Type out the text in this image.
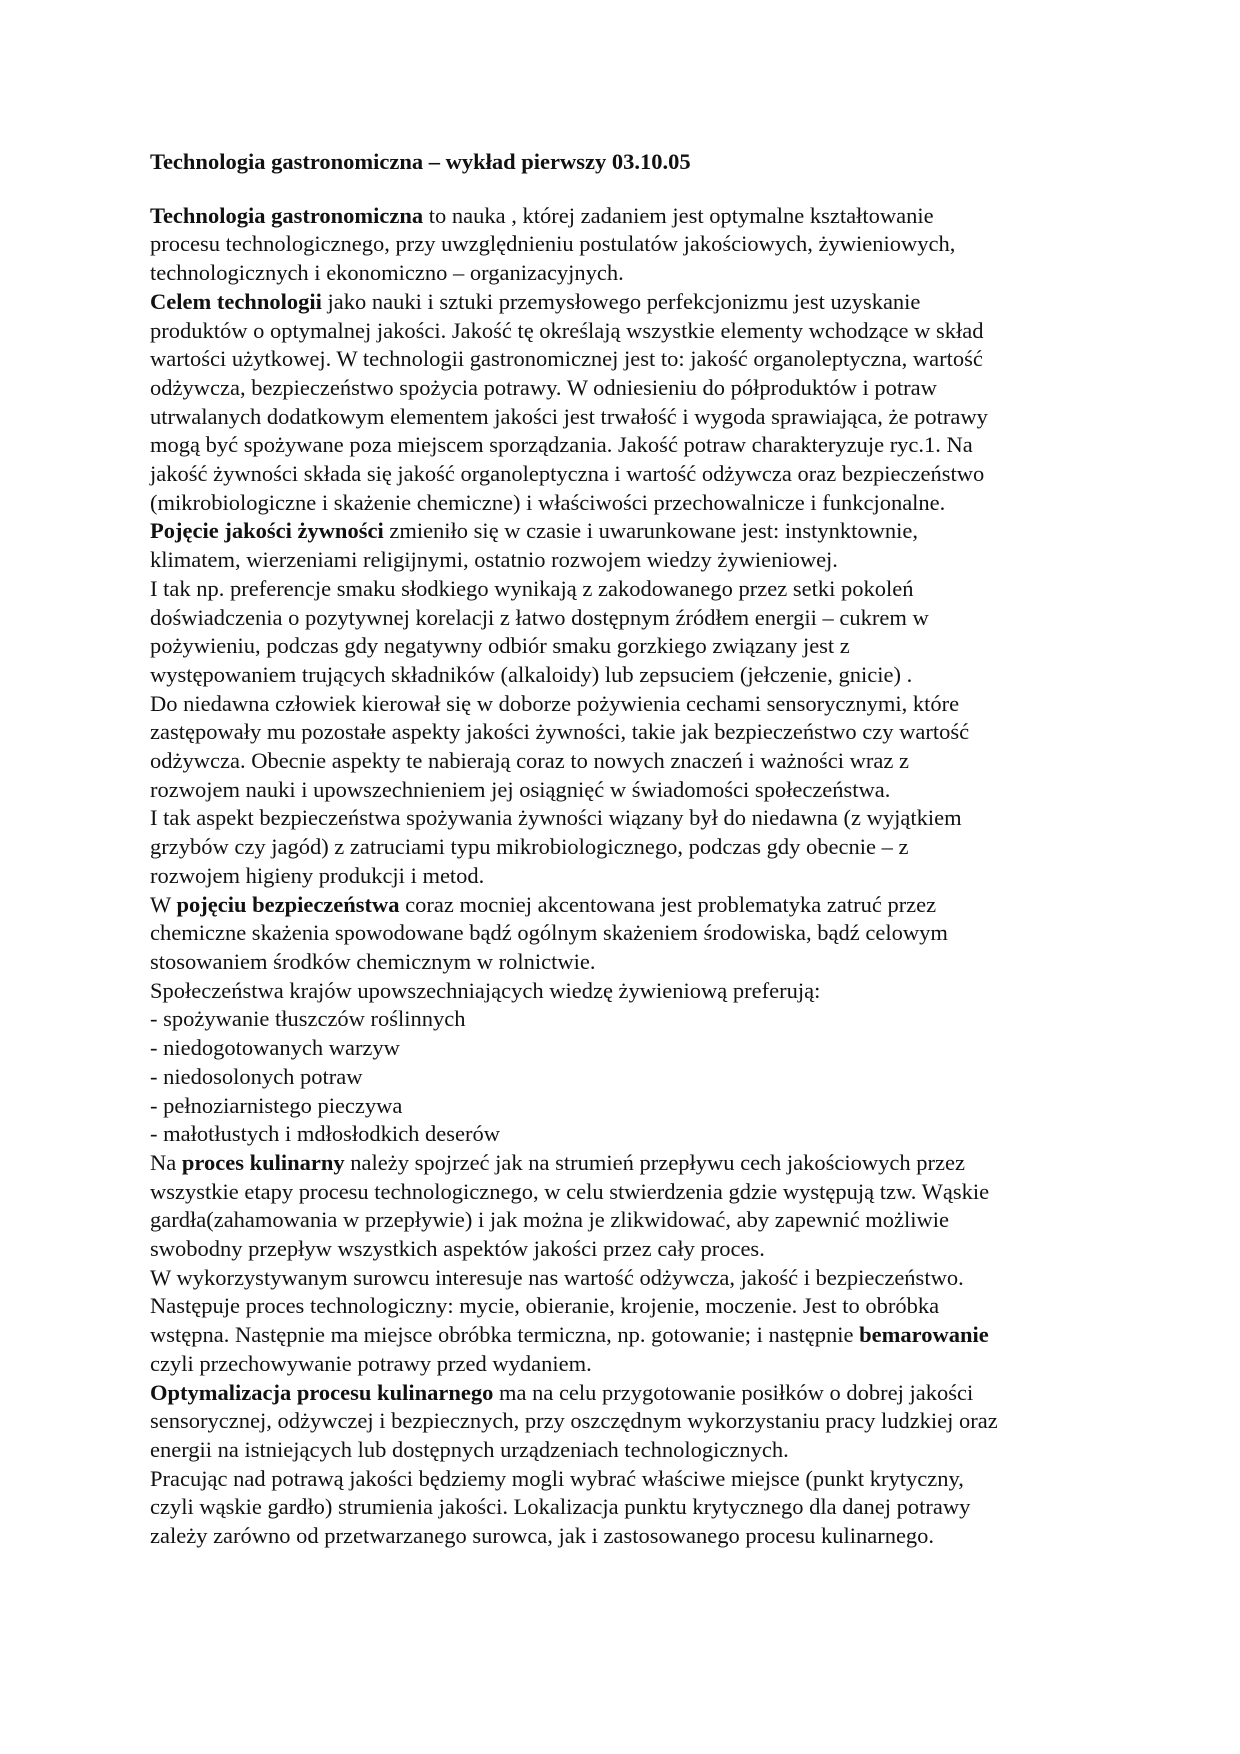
Technologia gastronomiczna – wykład pierwszy 03.10.05

Technologia gastronomiczna to nauka , której zadaniem jest optymalne kształtowanie
procesu technologicznego, przy uwzględnieniu postulatów jakościowych, żywieniowych,
technologicznych i ekonomiczno – organizacyjnych.

Celem technologii jako nauki i sztuki przemysłowego perfekcjonizmu jest uzyskanie
produktów o optymalnej jakości. Jakość tę określają wszystkie elementy wchodzące w skład
wartości użytkowej. W technologii gastronomicznej jest to: jakość organoleptyczna, wartość
odżywcza, bezpieczeństwo spożycia potrawy. W odniesieniu do półproduktów i potraw
utrwalanych dodatkowym elementem jakości jest trwałość i wygoda sprawiająca, że potrawy
mogą być spożywane poza miejscem sporządzania. Jakość potraw charakteryzuje ryc.1. Na
jakość żywności składa się jakość organoleptyczna i wartość odżywcza oraz bezpieczeństwo
(mikrobiologiczne i skażenie chemiczne) i właściwości przechowalnicze i funkcjonalne.

Pojęcie jakości żywności zmieniło się w czasie i uwarunkowane jest: instynktownie,
klimatem, wierzeniami religijnymi, ostatnio rozwojem wiedzy żywieniowej.

I tak np. preferencje smaku słodkiego wynikają z zakodowanego przez setki pokoleń
doświadczenia o pozytywnej korelacji z łatwo dostępnym źródłem energii – cukrem w
pożywieniu, podczas gdy negatywny odbiór smaku gorzkiego związany jest z
występowaniem trujących składników (alkaloidy) lub zepsuciem (jełczenie, gnicie) .

Do niedawna człowiek kierował się w doborze pożywienia cechami sensorycznymi, które
zastępowały mu pozostałe aspekty jakości żywności, takie jak bezpieczeństwo czy wartość
odżywcza. Obecnie aspekty te nabierają coraz to nowych znaczeń i ważności wraz z
rozwojem nauki i upowszechnieniem jej osiągnięć w świadomości społeczeństwa.

I tak aspekt bezpieczeństwa spożywania żywności wiązany był do niedawna (z wyjątkiem
grzybów czy jagód) z zatruciami typu mikrobiologicznego, podczas gdy obecnie – z
rozwojem higieny produkcji i metod.

W pojęciu bezpieczeństwa coraz mocniej akcentowana jest problematyka zatruć przez
chemiczne skażenia spowodowane bądź ogólnym skażeniem środowiska, bądź celowym
stosowaniem środków chemicznym w rolnictwie.

Społeczeństwa krajów upowszechniających wiedzę żywieniową preferują:
- spożywanie tłuszczów roślinnych
- niedogotowanych warzyw
- niedosolonych potraw
- pełnoziarnistego pieczywa
- małotłustych i mdłosłodkich deserów

Na proces kulinarny należy spojrzeć jak na strumień przepływu cech jakościowych przez
wszystkie etapy procesu technologicznego, w celu stwierdzenia gdzie występują tzw. Wąskie
gardła(zahamowania w przepływie) i jak można je zlikwidować, aby zapewnić możliwie
swobodny przepływ wszystkich aspektów jakości przez cały proces.

W wykorzystywanym surowcu interesuje nas wartość odżywcza, jakość i bezpieczeństwo.
Następuje proces technologiczny: mycie, obieranie, krojenie, moczenie. Jest to obróbka
wstępna. Następnie ma miejsce obróbka termiczna, np. gotowanie; i następnie bemarowanie
czyli przechowywanie potrawy przed wydaniem.

Optymalizacja procesu kulinarnego ma na celu przygotowanie posiłków o dobrej jakości
sensorycznej, odżywczej i bezpiecznych, przy oszczędnym wykorzystaniu pracy ludzkiej oraz
energii na istniejących lub dostępnych urządzeniach technologicznych.

Pracując nad potrawą jakości będziemy mogli wybrać właściwe miejsce (punkt krytyczny,
czyli wąskie gardło) strumienia jakości. Lokalizacja punktu krytycznego dla danej potrawy
zależy zarówno od przetwarzanego surowca, jak i zastosowanego procesu kulinarnego.
